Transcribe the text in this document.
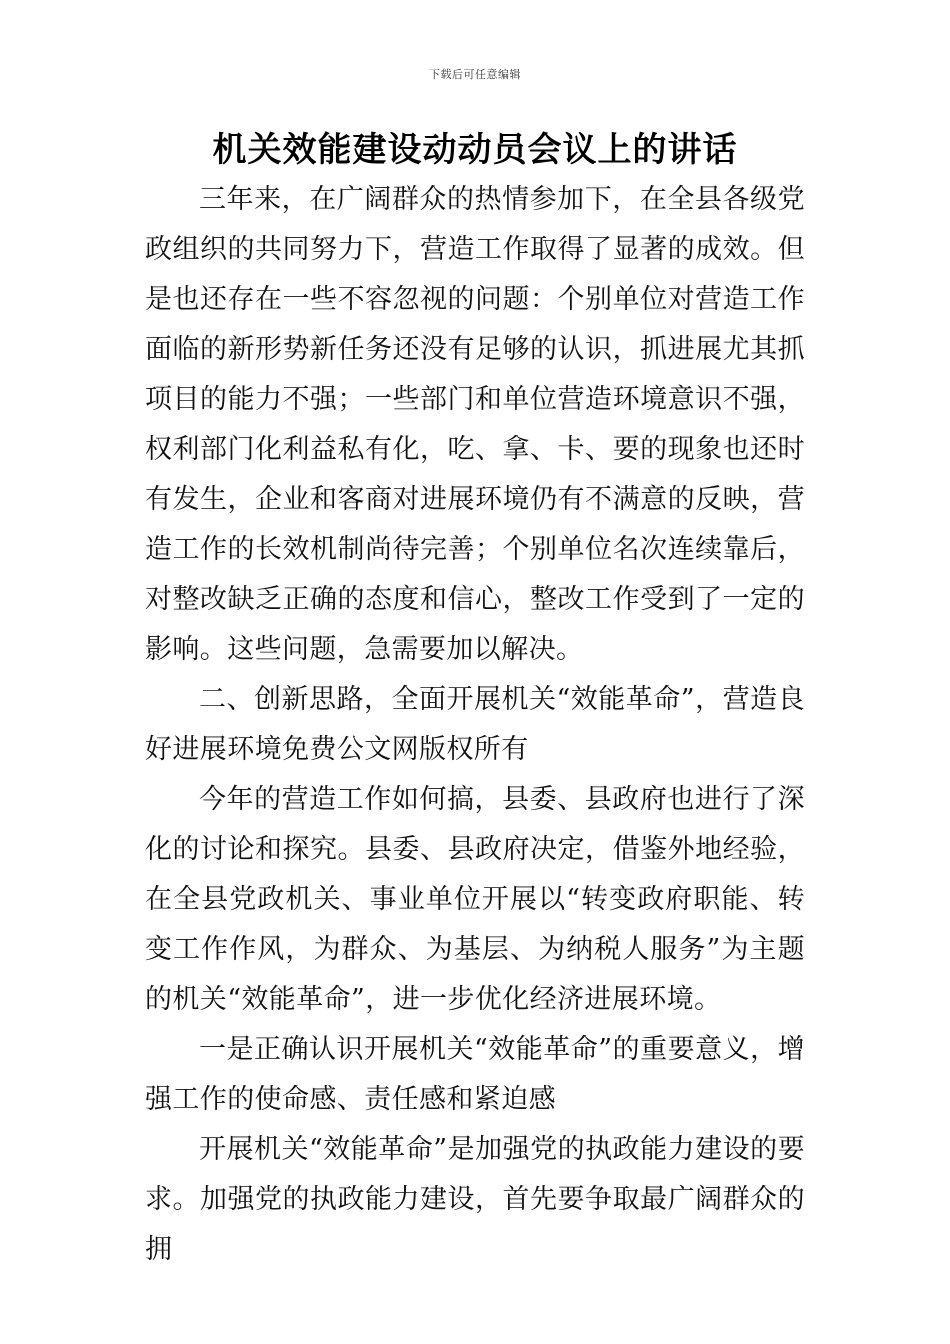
下载后可任意编辑
机关效能建设动动员会议上的讲话

三年来，在广阔群众的热情参加下，在全县各级党政组织的共同努力下，营造工作取得了显著的成效。但是也还存在一些不容忽视的问题：个别单位对营造工作面临的新形势新任务还没有足够的认识，抓进展尤其抓项目的能力不强；一些部门和单位营造环境意识不强，权利部门化利益私有化，吃、拿、卡、要的现象也还时有发生，企业和客商对进展环境仍有不满意的反映，营造工作的长效机制尚待完善；个别单位名次连续靠后，对整改缺乏正确的态度和信心，整改工作受到了一定的影响。这些问题，急需要加以解决。

二、创新思路，全面开展机关“效能革命”，营造良好进展环境免费公文网版权所有

今年的营造工作如何搞，县委、县政府也进行了深化的讨论和探究。县委、县政府决定，借鉴外地经验，在全县党政机关、事业单位开展以“转变政府职能、转变工作作风，为群众、为基层、为纳税人服务”为主题的机关“效能革命”，进一步优化经济进展环境。

一是正确认识开展机关“效能革命”的重要意义，增强工作的使命感、责任感和紧迫感

开展机关“效能革命”是加强党的执政能力建设的要求。加强党的执政能力建设，首先要争取最广阔群众的拥
